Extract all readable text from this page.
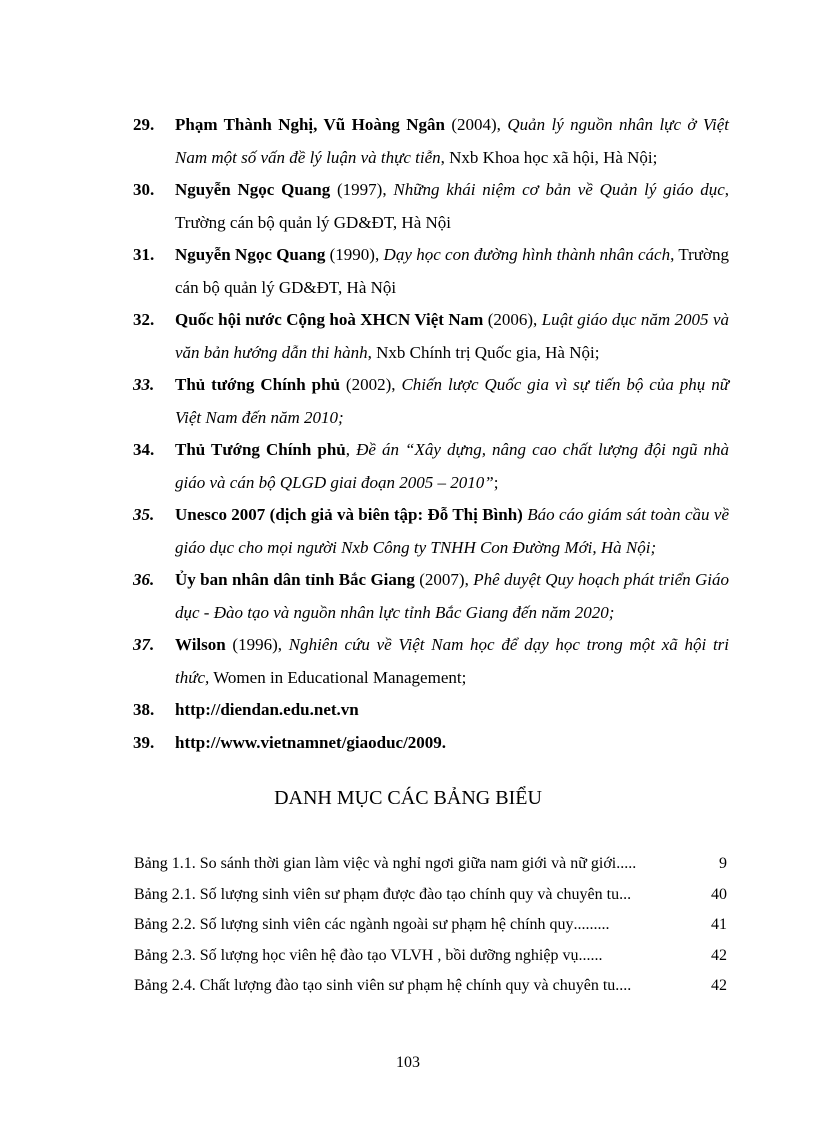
29.	Phạm Thành Nghị, Vũ Hoàng Ngân (2004), Quản lý nguồn nhân lực ở Việt Nam một số vấn đề lý luận và thực tiễn, Nxb Khoa học xã hội, Hà Nội;
30.	Nguyễn Ngọc Quang (1997), Những khái niệm cơ bản về Quản lý giáo dục, Trường cán bộ quản lý GD&ĐT, Hà Nội
31.	Nguyễn Ngọc Quang (1990), Dạy học con đường hình thành nhân cách, Trường cán bộ quản lý GD&ĐT, Hà Nội
32.	Quốc hội nước Cộng hoà XHCN Việt Nam (2006), Luật giáo dục năm 2005 và văn bản hướng dẫn thi hành, Nxb Chính trị Quốc gia, Hà Nội;
33.	Thủ tướng Chính phủ (2002), Chiến lược Quốc gia vì sự tiến bộ của phụ nữ Việt Nam đến năm 2010;
34.	Thủ Tướng Chính phủ, Đề án “Xây dựng, nâng cao chất lượng đội ngũ nhà giáo và cán bộ QLGD giai đoạn 2005 – 2010”;
35.	Unesco 2007 (dịch giả và biên tập: Đỗ Thị Bình) Báo cáo giám sát toàn cầu về giáo dục cho mọi người Nxb Công ty TNHH Con Đường Mới, Hà Nội;
36.	Ủy ban nhân dân tỉnh Bắc Giang (2007), Phê duyệt Quy hoạch phát triển Giáo dục - Đào tạo và nguồn nhân lực tỉnh Bắc Giang đến năm 2020;
37.	Wilson (1996), Nghiên cứu về Việt Nam học để dạy học trong một xã hội tri thức, Women in Educational Management;
38.	http://diendan.edu.net.vn
39.	http://www.vietnamnet/giaoduc/2009.
DANH MỤC CÁC BẢNG BIỂU
Bảng 1.1. So sánh thời gian làm việc và nghỉ ngơi giữa nam giới và nữ giới .....	9
Bảng 2.1. Số lượng sinh viên sư phạm được đào tạo chính quy và chuyên tu ...	40
Bảng 2.2. Số lượng sinh viên các ngành ngoài sư phạm hệ chính quy .........	41
Bảng 2.3. Số lượng học viên hệ đào tạo VLVH , bồi dưỡng nghiệp vụ ......	42
Bảng 2.4. Chất lượng đào tạo sinh viên sư phạm hệ chính quy và chuyên tu ....	42
103
